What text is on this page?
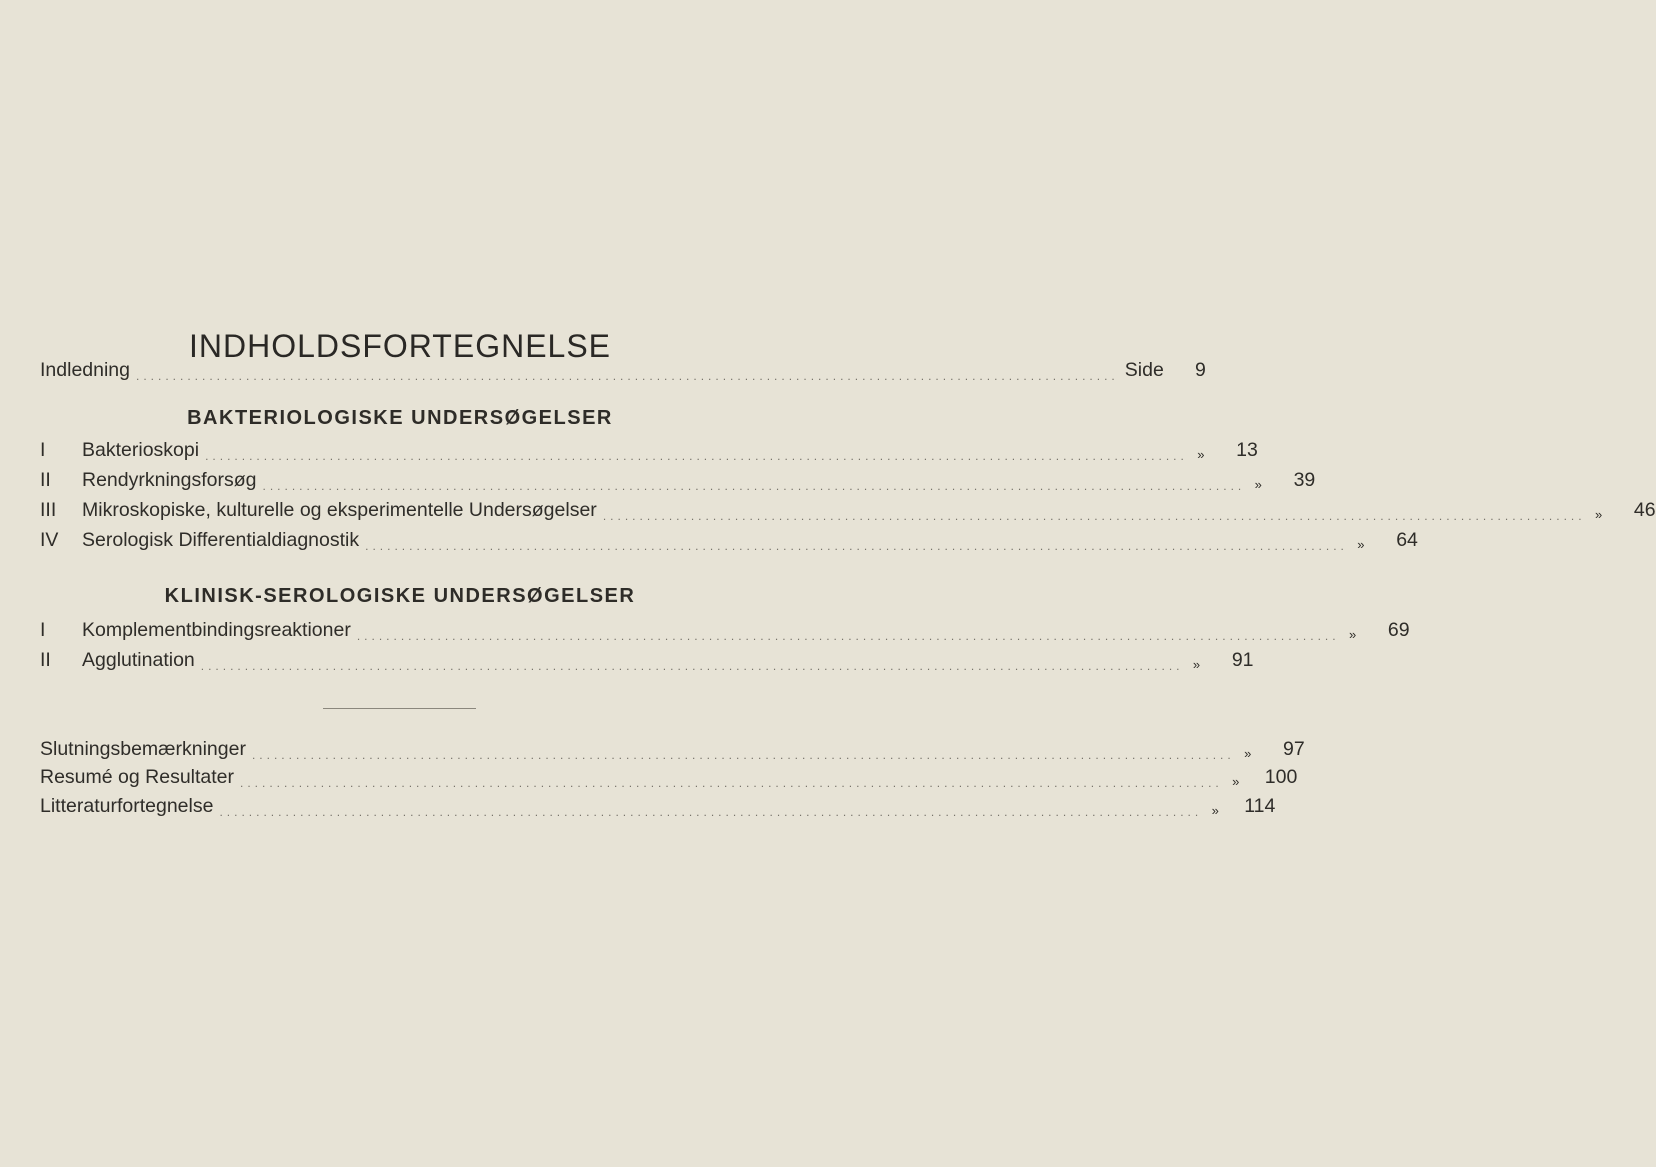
INDHOLDSFORTEGNELSE
Indledning ...................................................................................................................................... Side	9
BAKTERIOLOGISKE UNDERSØGELSER
I	Bakterioskopi ...................................................................................................................................... »	13
II	Rendyrkningsforsøg ...................................................................................................................................... »	39
III	Mikroskopiske, kulturelle og eksperimentelle Undersøgelser ...................................................................................................................................... »	46
IV	Serologisk Differentialdiagnostik ...................................................................................................................................... »	64
KLINISK-SEROLOGISKE UNDERSØGELSER
I	Komplementbindingsreaktioner ...................................................................................................................................... »	69
II	Agglutination ...................................................................................................................................... »	91
Slutningsbemærkninger ...................................................................................................................................... »	97
Resumé og Resultater ...................................................................................................................................... » 100
Litteraturfortegnelse ...................................................................................................................................... » 114
